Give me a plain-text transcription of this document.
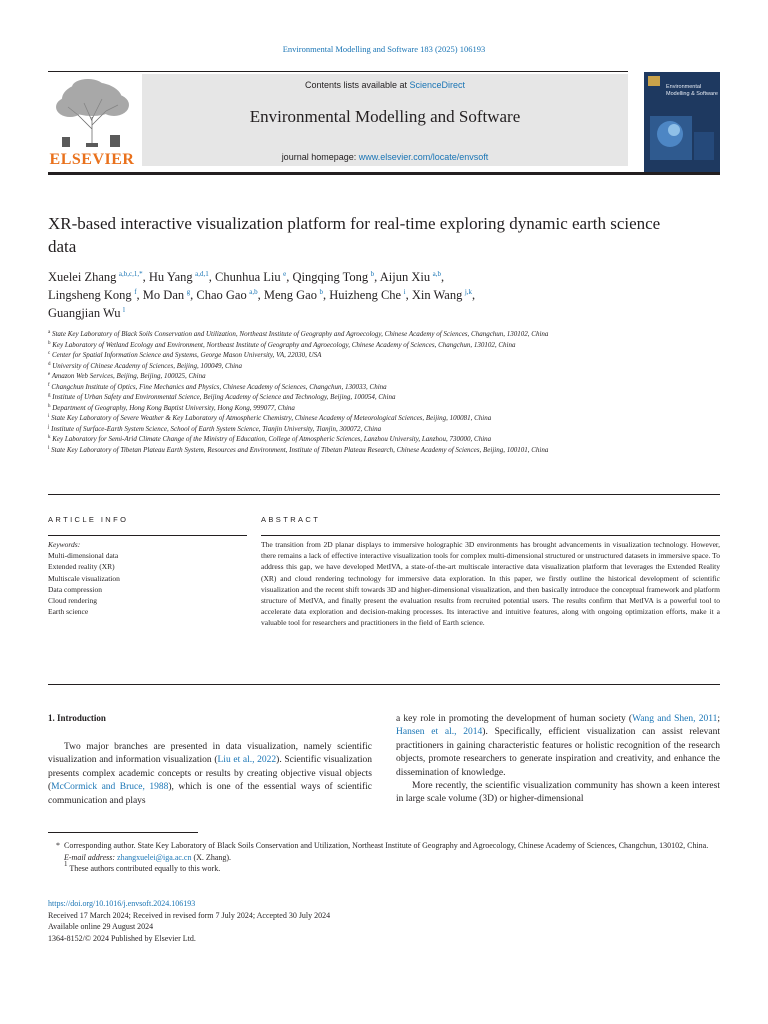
Environmental Modelling and Software 183 (2025) 106193
ELSEVIER
Contents lists available at ScienceDirect
Environmental Modelling and Software
journal homepage: www.elsevier.com/locate/envsoft
Environmental Modelling & Software
XR-based interactive visualization platform for real-time exploring dynamic earth science data
Xuelei Zhang  $^{a,b,c,1,*}$, Hu Yang  $^{a,d,1}$, Chunhua Liu  $^e$, Qingqing Tong  $^b$, Aijun Xiu  $^{a,b}$,
Lingsheng Kong  $^f$, Mo Dan  $^g$, Chao Gao  $^{a,b}$, Meng Gao  $^b$, Huizheng Che  $^i$, Xin Wang  $^{j,k}$,
Guangjian Wu  $^l$
$^a$ State Key Laboratory of Black Soils Conservation and Utilization, Northeast Institute of Geography and Agroecology, Chinese Academy of Sciences, Changchun, 130102, China
$^b$ Key Laboratory of Wetland Ecology and Environment, Northeast Institute of Geography and Agroecology, Chinese Academy of Sciences, Changchun, 130102, China
$^c$ Center for Spatial Information Science and Systems, George Mason University, VA, 22030, USA
$^d$ University of Chinese Academy of Sciences, Beijing, 100049, China
$^e$ Amazon Web Services, Beijing, Beijing, 100025, China
$^f$ Changchun Institute of Optics, Fine Mechanics and Physics, Chinese Academy of Sciences, Changchun, 130033, China
$^g$ Institute of Urban Safety and Environmental Science, Beijing Academy of Science and Technology, Beijing, 100054, China
$^h$ Department of Geography, Hong Kong Baptist University, Hong Kong, 999077, China
$^i$ State Key Laboratory of Severe Weather & Key Laboratory of Atmospheric Chemistry, Chinese Academy of Meteorological Sciences, Beijing, 100081, China
$^j$ Institute of Surface-Earth System Science, School of Earth System Science, Tianjin University, Tianjin, 300072, China
$^k$ Key Laboratory for Semi-Arid Climate Change of the Ministry of Education, College of Atmospheric Sciences, Lanzhou University, Lanzhou, 730000, China
$^l$ State Key Laboratory of Tibetan Plateau Earth System, Resources and Environment, Institute of Tibetan Plateau Research, Chinese Academy of Sciences, Beijing, 100101, China
ARTICLE INFO	ABSTRACT
Keywords:
Multi-dimensional data
Extended reality (XR)
Multiscale visualization
Data compression
Cloud rendering
Earth science
The transition from 2D planar displays to immersive holographic 3D environments has brought advancements in visualization technology. However, there remains a lack of effective interactive visualization tools for complex multi-dimensional structured or unstructured datasets in immersive space. To address this gap, we have developed MetIVA, a state-of-the-art multiscale interactive data visualization platform that leverages the Extended Reality (XR) and cloud rendering technology for immersive data exploration. In this paper, we firstly outline the historical development of scientific visualization and the recent shift towards 3D and higher-dimensional visualization, and then basically introduce the conceptual framework and platform structure of MetIVA, and finally present the evaluation results from recruited potential users. The results confirm that MetIVA is a powerful tool to accelerate data exploration and decision-making processes. Its interactive and intuitive features, along with ongoing optimization efforts, make it a valuable tool for researchers and practitioners in the field of Earth science.
1. Introduction
Two major branches are presented in data visualization, namely scientific visualization and information visualization (Liu et al., 2022). Scientific visualization presents complex academic concepts or results by creating objective visual objects (McCormick and Bruce, 1988), which is one of the essential ways of scientific communication and plays

a key role in promoting the development of human society (Wang and Shen, 2011; Hansen et al., 2014). Specifically, efficient visualization can assist relevant practitioners in gaining characteristic features or holistic recognition of the research objects, promote researchers to generate inspiration and creativity, and enhance the dissemination of knowledge.

More recently, the scientific visualization community has shown a keen interest in large scale volume (3D) or higher-dimensional

* Corresponding author. State Key Laboratory of Black Soils Conservation and Utilization, Northeast Institute of Geography and Agroecology, Chinese Academy of Sciences, Changchun, 130102, China.

E-mail address: zhangxuelei@iga.ac.cn (X. Zhang).

$^1$ These authors contributed equally to this work.

https://doi.org/10.1016/j.envsoft.2024.106193
Received 17 March 2024; Received in revised form 7 July 2024; Accepted 30 July 2024
Available online 29 August 2024
1364-8152/© 2024 Published by Elsevier Ltd.
